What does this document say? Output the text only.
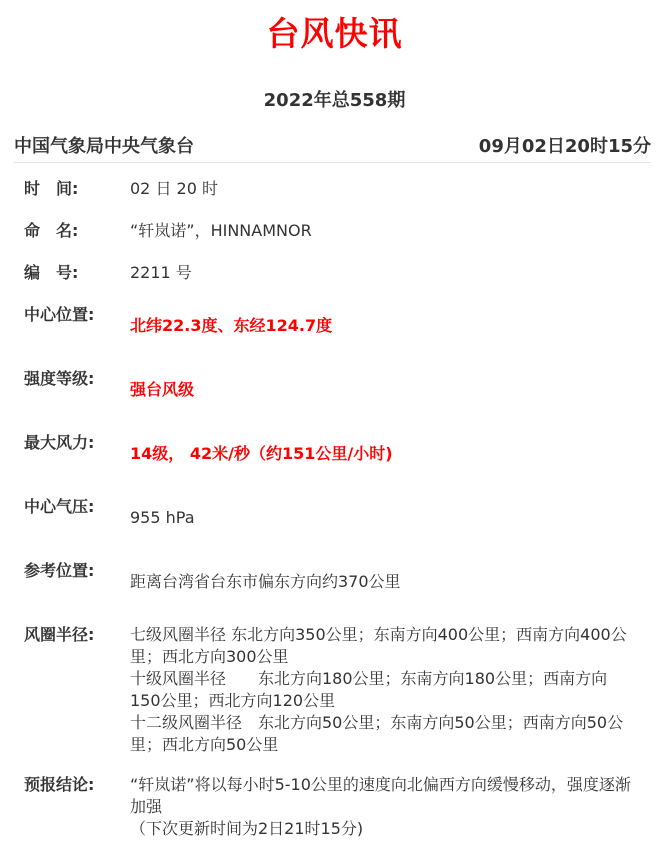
台风快讯
2022年总558期
中国气象局中央气象台	09月02日20时15分
时　间:	02 日 20 时
命　名:	“轩岚诺”，HINNAMNOR
编　号:	2211 号
中心位置:
北纬22.3度、东经124.7度
强度等级:
强台风级
最大风力:
14级， 42米/秒（约151公里/小时)
中心气压:
955 hPa
参考位置:
距离台湾省台东市偏东方向约370公里
风圈半径:	七级风圈半径 东北方向350公里；东南方向400公里；西南方向400公里；西北方向300公里
十级风圈半径　　东北方向180公里；东南方向180公里；西南方向150公里；西北方向120公里
十二级风圈半径　东北方向50公里；东南方向50公里；西南方向50公里；西北方向50公里
预报结论:	“轩岚诺”将以每小时5-10公里的速度向北偏西方向缓慢移动，强度逐渐加强
（下次更新时间为2日21时15分)
